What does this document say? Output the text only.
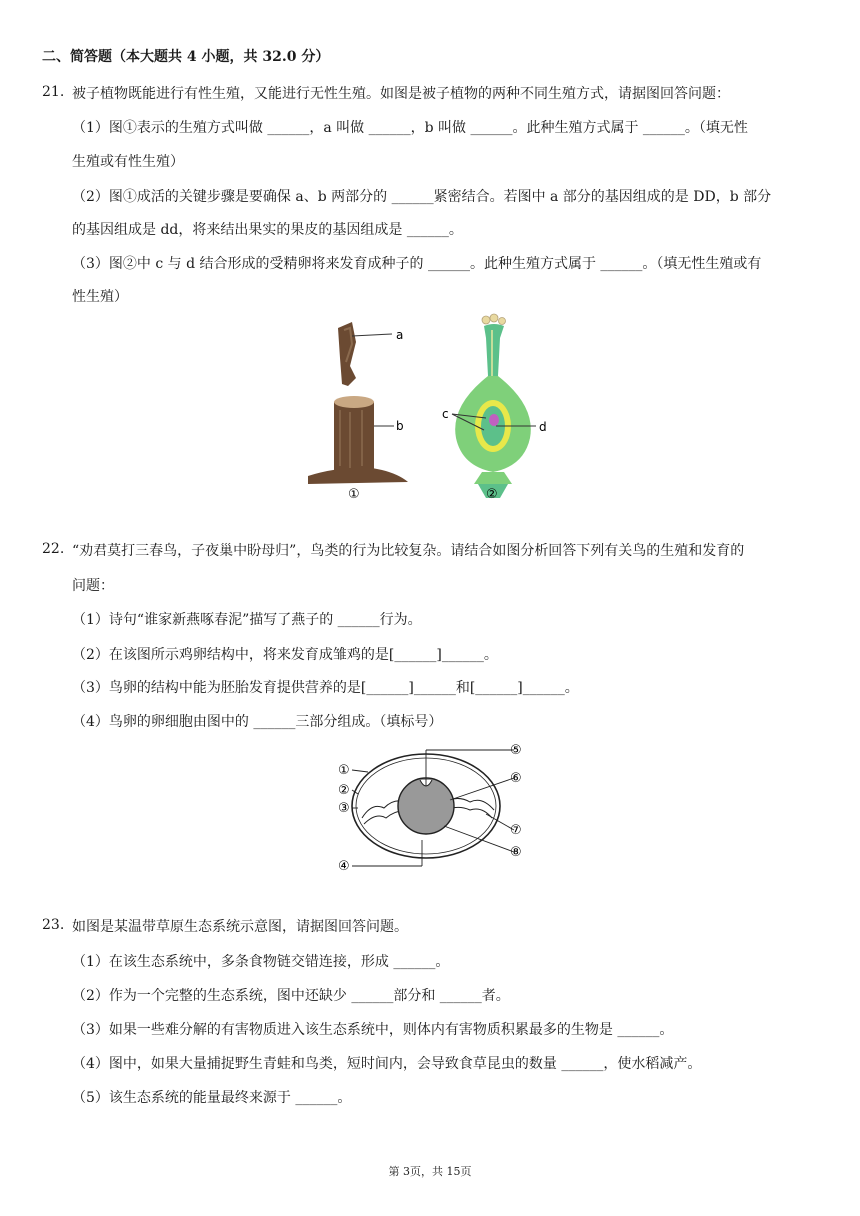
二、简答题（本大题共 4 小题，共 32.0 分）
21. 被子植物既能进行有性生殖，又能进行无性生殖。如图是被子植物的两种不同生殖方式，请据图回答问题：
（1）图①表示的生殖方式叫做 ______，a 叫做 ______，b 叫做 ______。此种生殖方式属于 ______。（填无性
生殖或有性生殖）
（2）图①成活的关键步骤是要确保 a、b 两部分的 ______紧密结合。若图中 a 部分的基因组成的是 DD，b 部分
的基因组成是 dd，将来结出果实的果皮的基因组成是 ______。
（3）图②中 c 与 d 结合形成的受精卵将来发育成种子的 ______。此种生殖方式属于 ______。（填无性生殖或有
性生殖）
a
b
①
c
d
②
22. “劝君莫打三春鸟，子夜巢中盼母归”，鸟类的行为比较复杂。请结合如图分析回答下列有关鸟的生殖和发育的
问题：
（1）诗句“谁家新燕啄春泥”描写了燕子的 ______行为。
（2）在该图所示鸡卵结构中，将来发育成雏鸡的是[______]______。
（3）鸟卵的结构中能为胚胎发育提供营养的是[______]______和[______]______。
（4）鸟卵的卵细胞由图中的 ______三部分组成。（填标号）
①
②
③
④
⑤
⑥
⑦
⑧
23. 如图是某温带草原生态系统示意图，请据图回答问题。
（1）在该生态系统中，多条食物链交错连接，形成 ______。
（2）作为一个完整的生态系统，图中还缺少 ______部分和 ______者。
（3）如果一些难分解的有害物质进入该生态系统中，则体内有害物质积累最多的生物是 ______。
（4）图中，如果大量捕捉野生青蛙和鸟类，短时间内，会导致食草昆虫的数量 ______，使水稻减产。
（5）该生态系统的能量最终来源于 ______。
第 3页，共 15页
